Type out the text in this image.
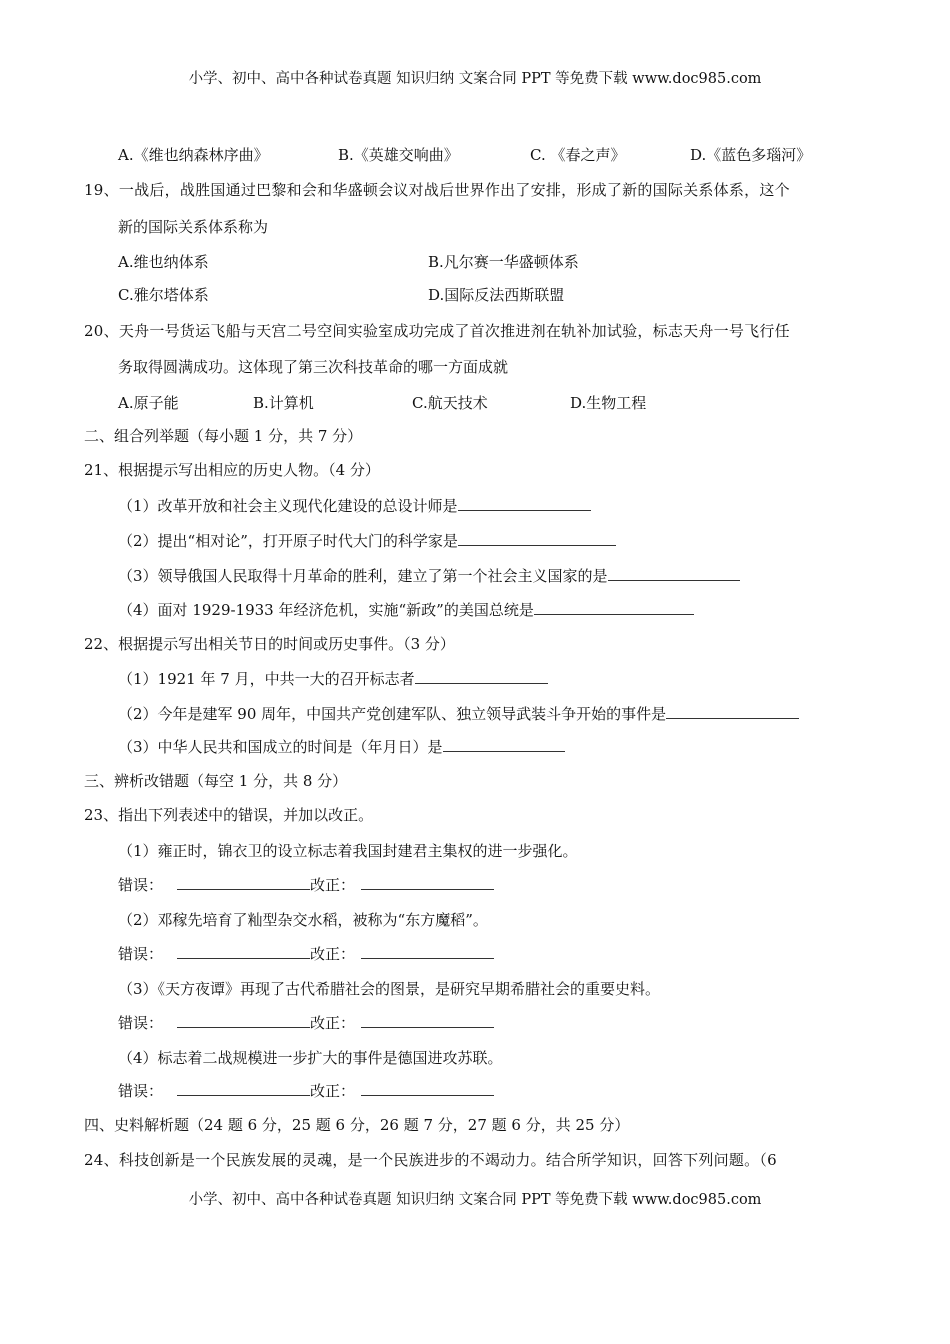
小学、初中、高中各种试卷真题 知识归纳 文案合同 PPT 等免费下载 www.doc985.com
A.《维也纳森林序曲》	B.《英雄交响曲》	C. 《春之声》	D.《蓝色多瑙河》
19、一战后，战胜国通过巴黎和会和华盛顿会议对战后世界作出了安排，形成了新的国际关系体系，这个
新的国际关系体系称为
A.维也纳体系	B.凡尔赛一华盛顿体系
C.雅尔塔体系	D.国际反法西斯联盟
20、天舟一号货运飞船与天宫二号空间实验室成功完成了首次推进剂在轨补加试验，标志天舟一号飞行任
务取得圆满成功。这体现了第三次科技革命的哪一方面成就
A.原子能	B.计算机	C.航天技术	D.生物工程
二、组合列举题（每小题 1 分，共 7 分）
21、根据提示写出相应的历史人物。（4 分）
（1）改革开放和社会主义现代化建设的总设计师是
（2）提出“相对论”，打开原子时代大门的科学家是
（3）领导俄国人民取得十月革命的胜利，建立了第一个社会主义国家的是
（4）面对 1929-1933 年经济危机，实施“新政”的美国总统是
22、根据提示写出相关节日的时间或历史事件。（3 分）
（1）1921 年 7 月，中共一大的召开标志者
（2）今年是建军 90 周年，中国共产党创建军队、独立领导武装斗争开始的事件是
（3）中华人民共和国成立的时间是（年月日）是
三、辨析改错题（每空 1 分，共 8 分）
23、指出下列表述中的错误，并加以改正。
（1）雍正时，锦衣卫的设立标志着我国封建君主集权的进一步强化。
错误：	改正：
（2）邓稼先培育了籼型杂交水稻，被称为“东方魔稻”。
错误：	改正：
（3）《天方夜谭》再现了古代希腊社会的图景，是研究早期希腊社会的重要史料。
错误：	改正：
（4）标志着二战规模进一步扩大的事件是德国进攻苏联。
错误：	改正：
四、史料解析题（24 题 6 分，25 题 6 分，26 题 7 分，27 题 6 分，共 25 分）
24、科技创新是一个民族发展的灵魂，是一个民族进步的不竭动力。结合所学知识，回答下列问题。（6
小学、初中、高中各种试卷真题 知识归纳 文案合同 PPT 等免费下载 www.doc985.com
